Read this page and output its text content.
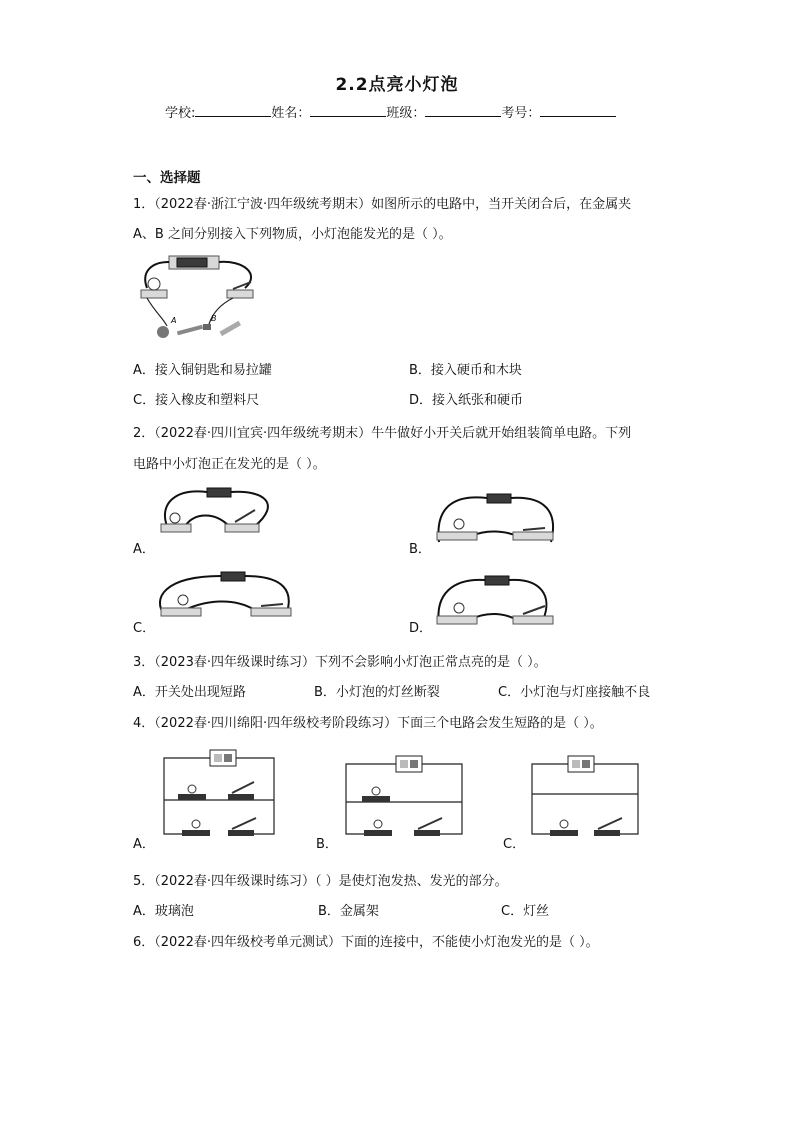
2.2点亮小灯泡
学校:	姓名：	班级：	考号：
一、选择题
1．（2022春·浙江宁波·四年级统考期末）如图所示的电路中，当开关闭合后，在金属夹
A、B 之间分别接入下列物质，小灯泡能发光的是（ ）。
A	B
A．接入铜钥匙和易拉罐	B．接入硬币和木块
C．接入橡皮和塑料尺	D．接入纸张和硬币
2．（2022春·四川宜宾·四年级统考期末）牛牛做好小开关后就开始组装简单电路。下列
电路中小灯泡正在发光的是（ ）。
A．	B．
C．	D．
3．（2023春·四年级课时练习）下列不会影响小灯泡正常点亮的是（ ）。
A．开关处出现短路	B．小灯泡的灯丝断裂	C．小灯泡与灯座接触不良
4．（2022春·四川绵阳·四年级校考阶段练习）下面三个电路会发生短路的是（ ）。
A．	B．	C．
5．（2022春·四年级课时练习）（ ）是使灯泡发热、发光的部分。
A．玻璃泡	B．金属架	C．灯丝
6．（2022春·四年级校考单元测试）下面的连接中，不能使小灯泡发光的是（ ）。
